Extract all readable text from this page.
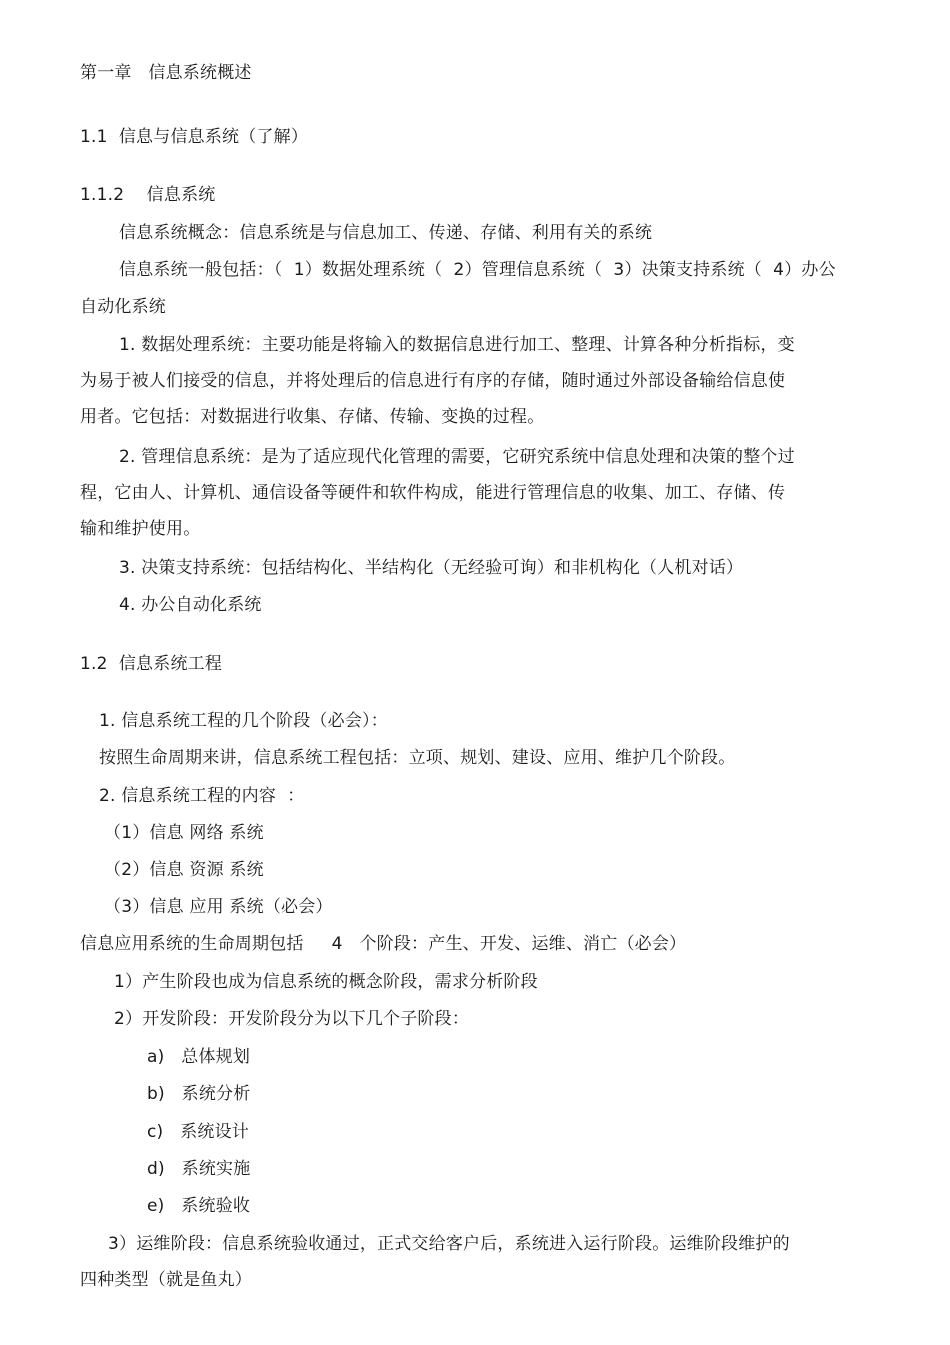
第一章   信息系统概述
1.1  信息与信息系统（了解）
1.1.2    信息系统
信息系统概念：信息系统是与信息加工、传递、存储、利用有关的系统
信息系统一般包括：（  1）数据处理系统（  2）管理信息系统（  3）决策支持系统（  4）办公
自动化系统
1. 数据处理系统：主要功能是将输入的数据信息进行加工、整理、计算各种分析指标，变
为易于被人们接受的信息，并将处理后的信息进行有序的存储，随时通过外部设备输给信息使
用者。它包括：对数据进行收集、存储、传输、变换的过程。
2. 管理信息系统：是为了适应现代化管理的需要，它研究系统中信息处理和决策的整个过
程，它由人、计算机、通信设备等硬件和软件构成，能进行管理信息的收集、加工、存储、传
输和维护使用。
3. 决策支持系统：包括结构化、半结构化（无经验可询）和非机构化（人机对话）
4. 办公自动化系统
1.2  信息系统工程
1. 信息系统工程的几个阶段（必会）：
按照生命周期来讲，信息系统工程包括：立项、规划、建设、应用、维护几个阶段。
2. 信息系统工程的内容  ：
（1）信息 网络 系统
（2）信息 资源 系统
（3）信息 应用 系统（必会）
信息应用系统的生命周期包括     4   个阶段：产生、开发、运维、消亡（必会）
1）产生阶段也成为信息系统的概念阶段，需求分析阶段
2）开发阶段：开发阶段分为以下几个子阶段：
a)   总体规划
b)   系统分析
c)   系统设计
d)   系统实施
e)   系统验收
3）运维阶段：信息系统验收通过，正式交给客户后，系统进入运行阶段。运维阶段维护的
四种类型（就是鱼丸）
